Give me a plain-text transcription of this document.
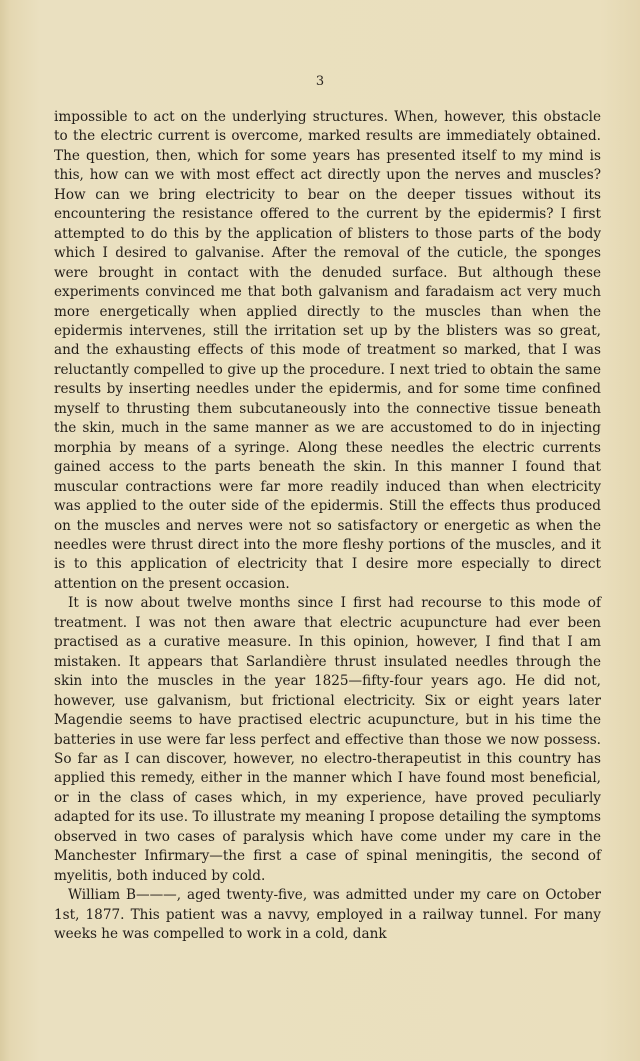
3

impossible to act on the underlying structures. When, however, this obstacle to the electric current is overcome, marked results are immediately obtained. The question, then, which for some years has presented itself to my mind is this, how can we with most effect act directly upon the nerves and muscles? How can we bring electricity to bear on the deeper tissues without its encountering the resistance offered to the current by the epidermis? I first attempted to do this by the application of blisters to those parts of the body which I desired to galvanise. After the removal of the cuticle, the sponges were brought in contact with the denuded surface. But although these experiments convinced me that both galvanism and faradaism act very much more energetically when applied directly to the muscles than when the epidermis intervenes, still the irritation set up by the blisters was so great, and the exhausting effects of this mode of treatment so marked, that I was reluctantly compelled to give up the procedure. I next tried to obtain the same results by inserting needles under the epidermis, and for some time confined myself to thrusting them subcutaneously into the connective tissue beneath the skin, much in the same manner as we are accustomed to do in injecting morphia by means of a syringe. Along these needles the electric currents gained access to the parts beneath the skin. In this manner I found that muscular contractions were far more readily induced than when electricity was applied to the outer side of the epidermis. Still the effects thus produced on the muscles and nerves were not so satisfactory or energetic as when the needles were thrust direct into the more fleshy portions of the muscles, and it is to this application of electricity that I desire more especially to direct attention on the present occasion.

It is now about twelve months since I first had recourse to this mode of treatment. I was not then aware that electric acupuncture had ever been practised as a curative measure. In this opinion, however, I find that I am mistaken. It appears that Sarlandière thrust insulated needles through the skin into the muscles in the year 1825—fifty-four years ago. He did not, however, use galvanism, but frictional electricity. Six or eight years later Magendie seems to have practised electric acupuncture, but in his time the batteries in use were far less perfect and effective than those we now possess. So far as I can discover, however, no electro-therapeutist in this country has applied this remedy, either in the manner which I have found most beneficial, or in the class of cases which, in my experience, have proved peculiarly adapted for its use. To illustrate my meaning I propose detailing the symptoms observed in two cases of paralysis which have come under my care in the Manchester Infirmary—the first a case of spinal meningitis, the second of myelitis, both induced by cold.

William B———, aged twenty-five, was admitted under my care on October 1st, 1877. This patient was a navvy, employed in a railway tunnel. For many weeks he was compelled to work in a cold, dank
